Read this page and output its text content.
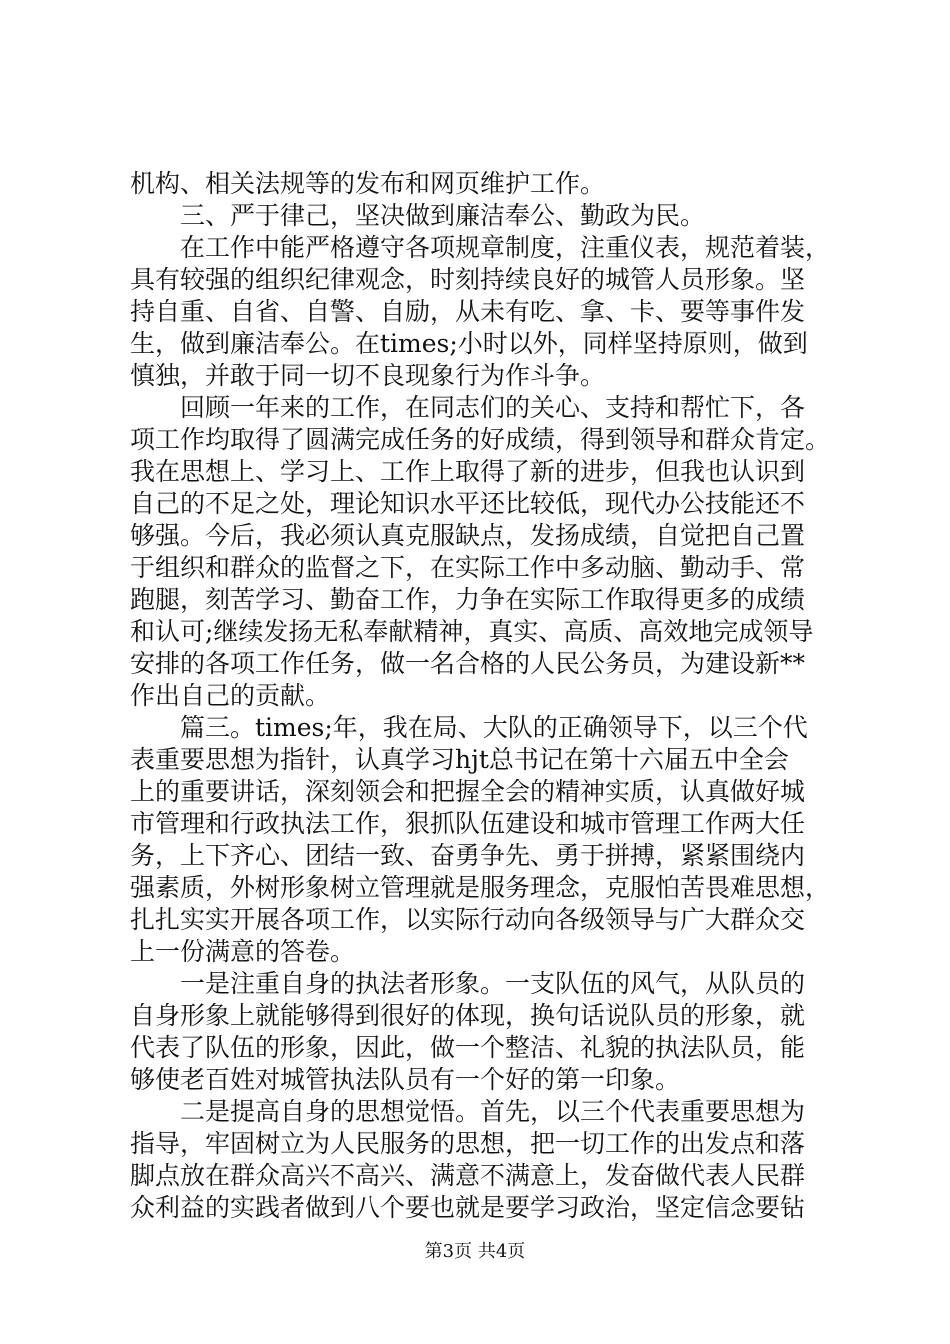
机构、相关法规等的发布和网页维护工作。
　　三、严于律己，坚决做到廉洁奉公、勤政为民。
　　在工作中能严格遵守各项规章制度，注重仪表，规范着装，
具有较强的组织纪律观念，时刻持续良好的城管人员形象。坚
持自重、自省、自警、自励，从未有吃、拿、卡、要等事件发
生，做到廉洁奉公。在times;小时以外，同样坚持原则，做到
慎独，并敢于同一切不良现象行为作斗争。
　　回顾一年来的工作，在同志们的关心、支持和帮忙下，各
项工作均取得了圆满完成任务的好成绩，得到领导和群众肯定。
我在思想上、学习上、工作上取得了新的进步，但我也认识到
自己的不足之处，理论知识水平还比较低，现代办公技能还不
够强。今后，我必须认真克服缺点，发扬成绩，自觉把自己置
于组织和群众的监督之下，在实际工作中多动脑、勤动手、常
跑腿，刻苦学习、勤奋工作，力争在实际工作取得更多的成绩
和认可;继续发扬无私奉献精神，真实、高质、高效地完成领导
安排的各项工作任务，做一名合格的人民公务员，为建设新**
作出自己的贡献。
　　篇三。times;年，我在局、大队的正确领导下，以三个代
表重要思想为指针，认真学习hjt总书记在第十六届五中全会
上的重要讲话，深刻领会和把握全会的精神实质，认真做好城
市管理和行政执法工作，狠抓队伍建设和城市管理工作两大任
务，上下齐心、团结一致、奋勇争先、勇于拼搏，紧紧围绕内
强素质，外树形象树立管理就是服务理念，克服怕苦畏难思想，
扎扎实实开展各项工作，以实际行动向各级领导与广大群众交
上一份满意的答卷。
　　一是注重自身的执法者形象。一支队伍的风气，从队员的
自身形象上就能够得到很好的体现，换句话说队员的形象，就
代表了队伍的形象，因此，做一个整洁、礼貌的执法队员，能
够使老百姓对城管执法队员有一个好的第一印象。
　　二是提高自身的思想觉悟。首先，以三个代表重要思想为
指导，牢固树立为人民服务的思想，把一切工作的出发点和落
脚点放在群众高兴不高兴、满意不满意上，发奋做代表人民群
众利益的实践者做到八个要也就是要学习政治，坚定信念要钻
第3页 共4页
